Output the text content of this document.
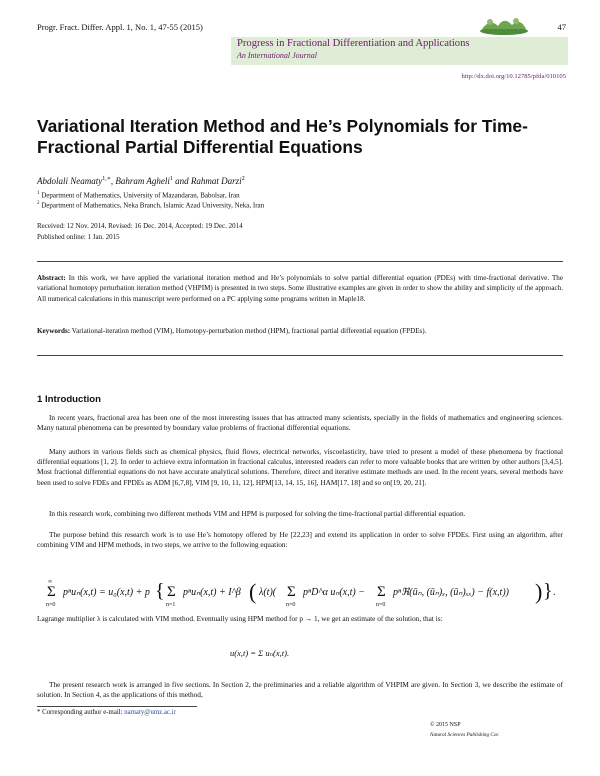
Progr. Fract. Differ. Appl. 1, No. 1, 47-55 (2015)	47
Progress in Fractional Differentiation and Applications
An International Journal
http://dx.doi.org/10.12785/pfda/010105
Variational Iteration Method and He’s Polynomials for Time-Fractional Partial Differential Equations
Abdolali Neamaty$^{1,∗}$, Bahram Agheli$^1$ and Rahmat Darzi$^2$
$^1$ Department of Mathematics, University of Mazandaran, Babolsar, Iran
$^2$ Department of Mathematics, Neka Branch, Islamic Azad University, Neka, Iran
Received: 12 Nov. 2014, Revised: 16 Dec. 2014, Accepted: 19 Dec. 2014
Published online: 1 Jan. 2015
Abstract: In this work, we have applied the variational iteration method and He’s polynomials to solve partial differential equation (PDEs) with time-fractional derivative. The variational homotopy perturbation iteration method (VHPIM) is presented in two steps. Some illustrative examples are given in order to show the ability and simplicity of the approach. All numerical calculations in this manuscript were performed on a PC applying some programs written in Maple18.
Keywords: Variational-iteration method (VIM), Homotopy-perturbation method (HPM), fractional partial differential equation (FPDEs).
1 Introduction
In recent years, fractional area has been one of the most interesting issues that has attracted many scientists, specially in the fields of mathematics and engineering sciences. Many natural phenomena can be presented by boundary value problems of fractional differential equations.
Many authors in various fields such as chemical physics, fluid flows, electrical networks, viscoelasticity, have tried to present a model of these phenomena by fractional differential equations [1, 2]. In order to achieve extra information in fractional calculus, interested readers can refer to more valuable books that are written by other authors [3,4,5]. Most fractional differential equations do not have accurate analytical solutions. Therefore, direct and iterative estimate methods are used. In the recent years, several methods have been used to solve FDEs and FPDEs as ADM [6,7,8], VIM [9, 10, 11, 12], HPM[13, 14, 15, 16], HAM[17, 18] and so on[19, 20, 21].
In this research work, combining two different methods VIM and HPM is purposed for solving the time-fractional partial differential equation.
The purpose behind this research work is to use He’s homotopy offered by He [22,23] and extend its application in order to solve FPDEs. First using an algorithm, after combining VIM and HPM methods, in two steps, we arrive to the following equation:
Σ
n=0
∞
pⁿuₙ(x,t) = u₀(x,t) + p { Σ
n=1
pⁿuₙ(x,t) + I^β ( λ(t)( Σ
n=0
pⁿD^α uₙ(x,t) − Σ
n=0
pⁿℜ(ūₙ, (ūₙ)ₓ, (ūₙ)ₓₓ) − f(x,t)) ) } .
Lagrange multiplier λ is calculated with VIM method. Eventually using HPM method for p → 1, we get an estimate of the solution, that is:
u(x,t) = Σ uₙ(x,t).
The present research work is arranged in five sections. In Section 2, the preliminaries and a reliable algorithm of VHPIM are given. In Section 3, we describe the estimate of solution. In Section 4, as the applications of this method,
* Corresponding author e-mail: namaty@umz.ac.ir
© 2015 NSP
Natural Sciences Publishing Cor.
